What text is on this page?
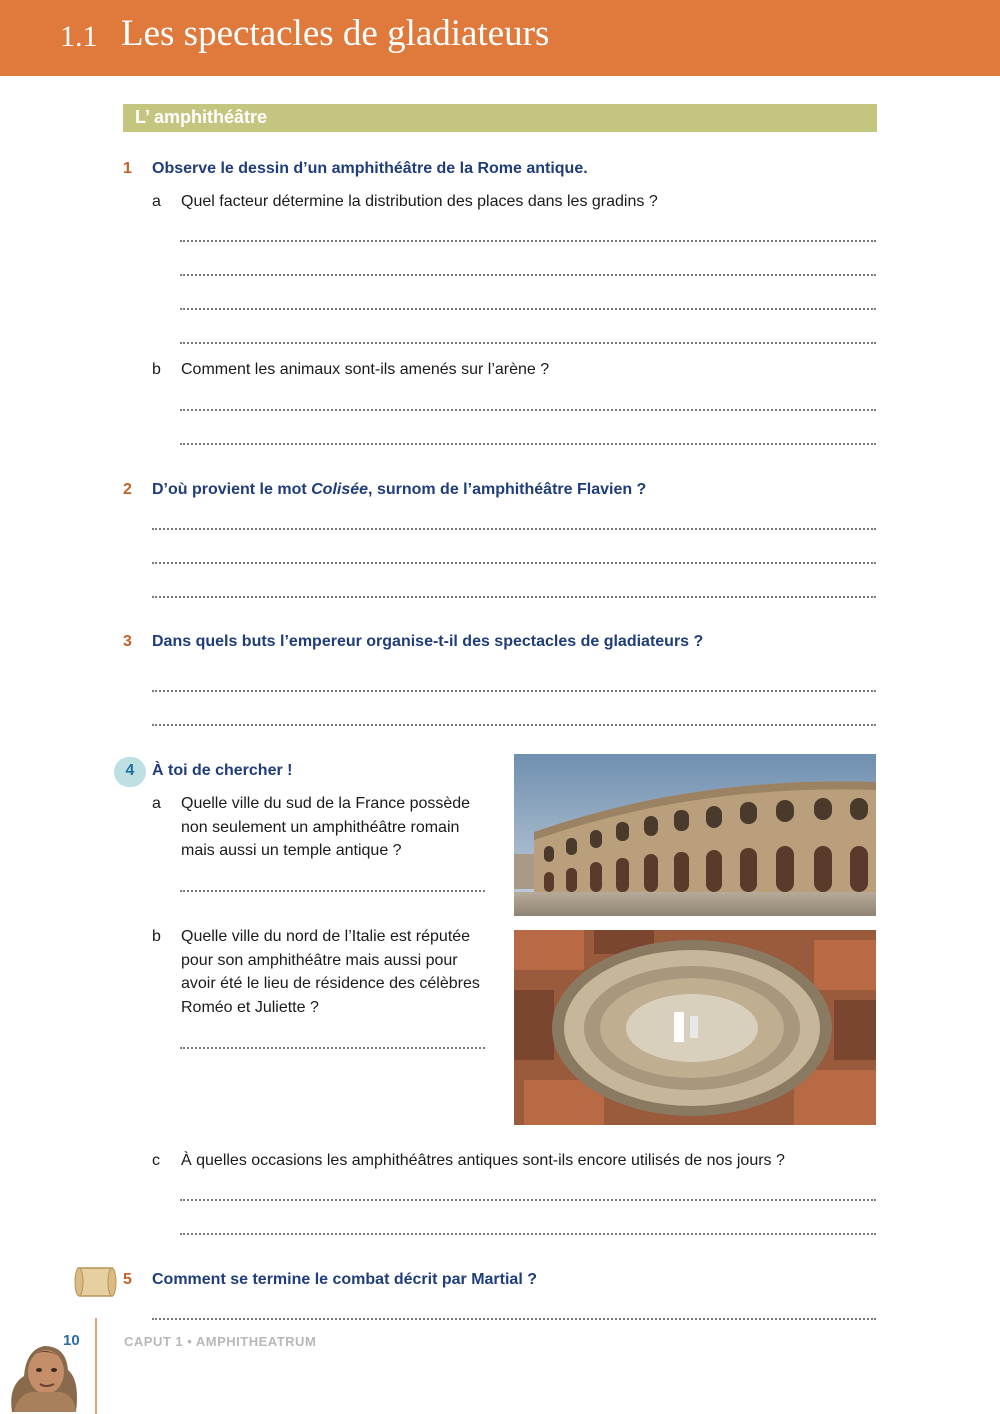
1.1 Les spectacles de gladiateurs
L’ amphithéâtre
1 Observe le dessin d’un amphithéâtre de la Rome antique.
a Quel facteur détermine la distribution des places dans les gradins ?
b Comment les animaux sont-ils amenés sur l’arène ?
2 D’où provient le mot Colisée, surnom de l’amphithéâtre Flavien ?
3 Dans quels buts l’empereur organise-t-il des spectacles de gladiateurs ?
4	À toi de chercher !
a Quelle ville du sud de la France possède
non seulement un amphithéâtre romain
mais aussi un temple antique ?
b Quelle ville du nord de l’Italie est réputée
pour son amphithéâtre mais aussi pour
avoir été le lieu de résidence des célèbres
Roméo et Juliette ?
c À quelles occasions les amphithéâtres antiques sont-ils encore utilisés de nos jours ?
5 Comment se termine le combat décrit par Martial ?
10	CAPUT 1 • AMPHITHEATRUM
